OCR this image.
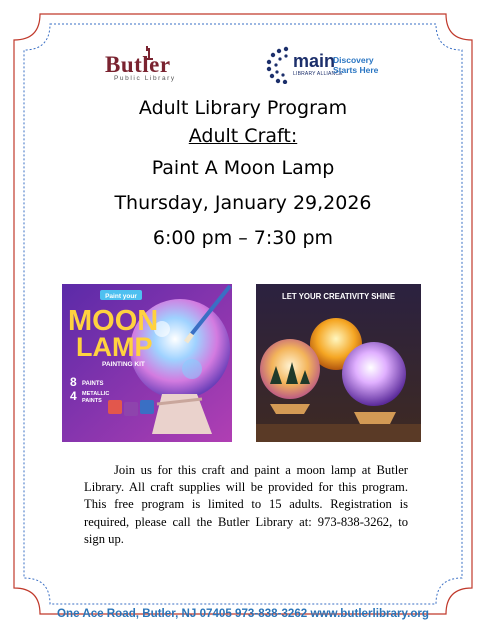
Butler
Public Library
main
LIBRARY ALLIANCE
Discovery
Starts Here
Adult Library Program
Adult Craft:
Paint A Moon Lamp
Thursday, January 29,2026
6:00 pm – 7:30 pm
Paint your
MOON
LAMP
PAINTING KIT
8 PAINTS
4 METALLIC
PAINTS
LET YOUR CREATIVITY SHINE
Join us for this craft and paint a moon lamp at Butler Library. All craft supplies will be provided for this program. This free program is limited to 15 adults. Registration is required, please call the Butler Library at: 973-838-3262, to sign up.
One Ace Road, Butler, NJ 07405 973-838-3262 www.butlerlibrary.org
